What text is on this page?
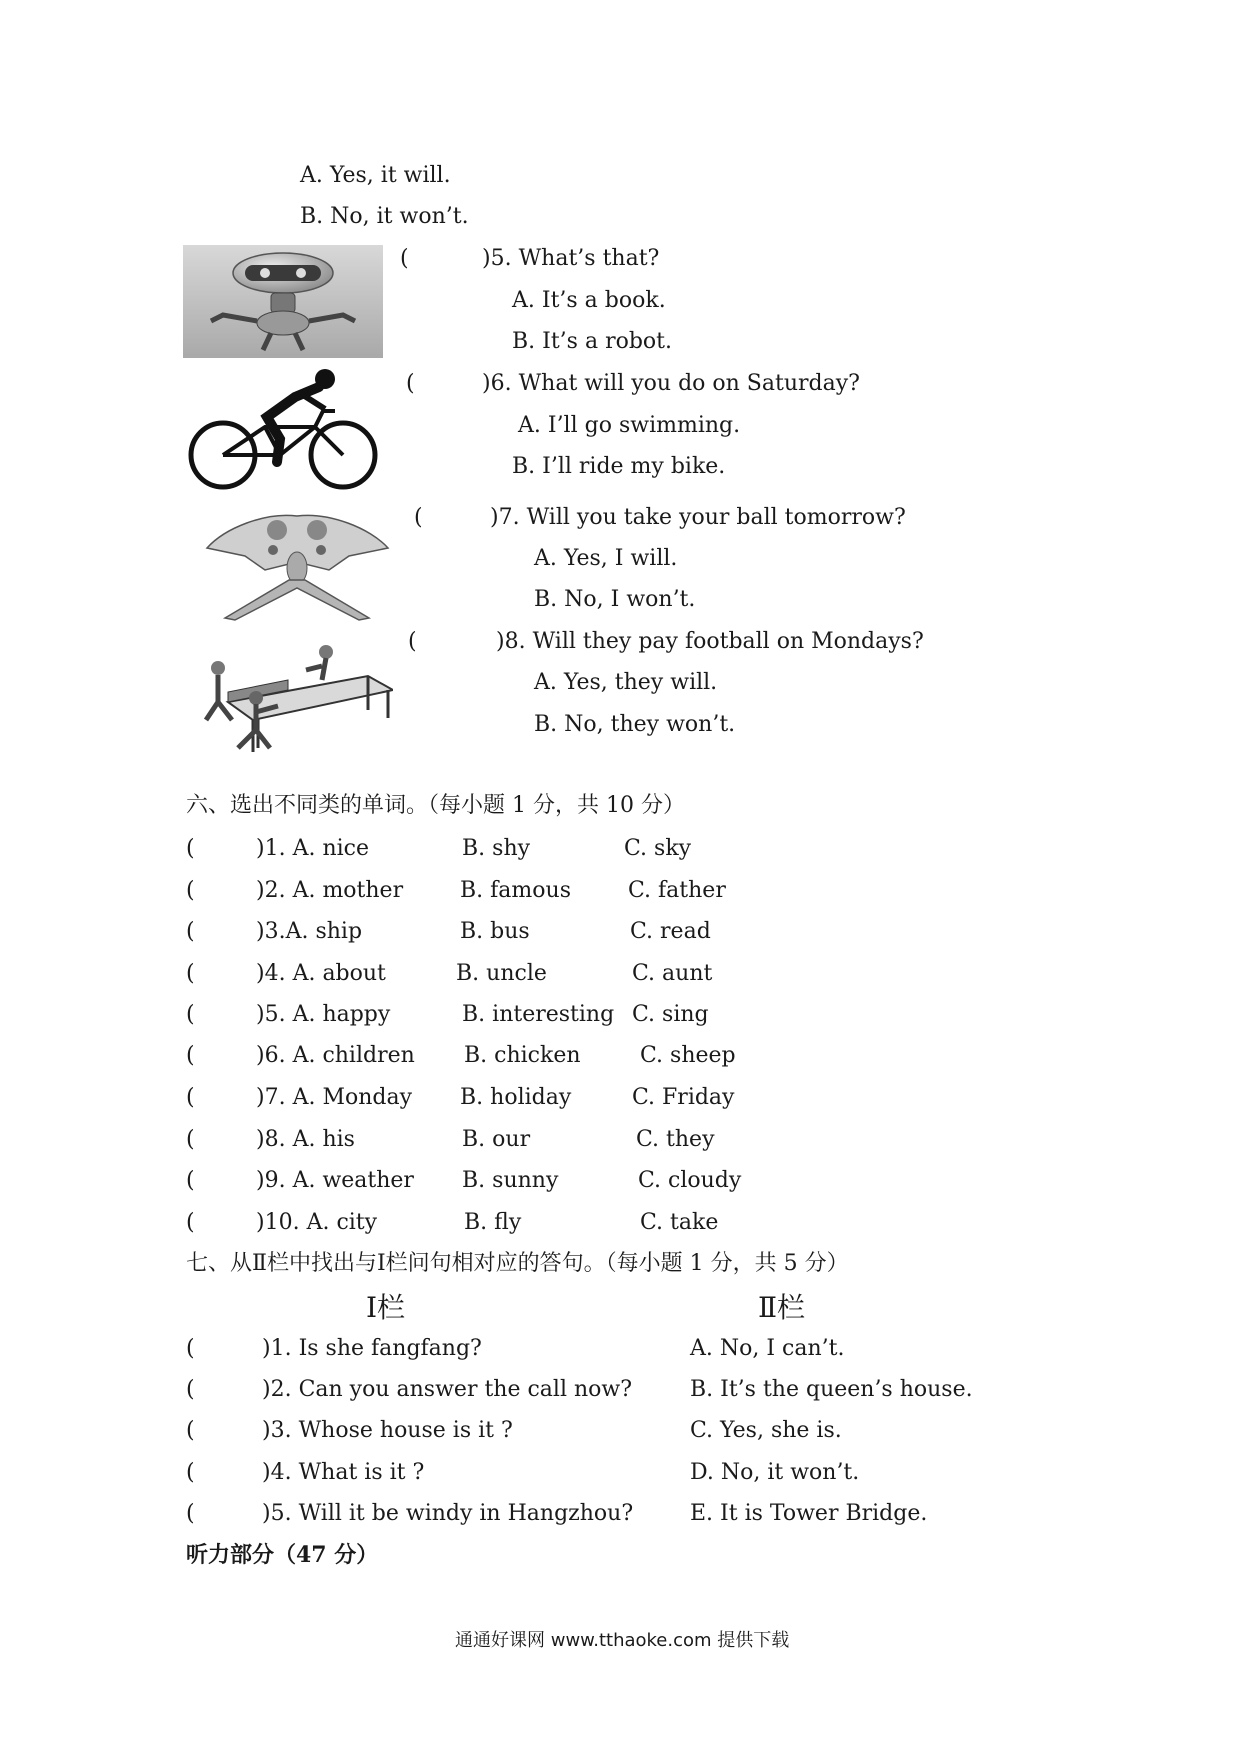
A. Yes, it will.
B. No, it won’t.
(	)5. What’s that?
A. It’s a book.
B. It’s a robot.
(	)6. What will you do on Saturday?
A. I’ll go swimming.
B. I’ll ride my bike.
(	)7. Will you take your ball tomorrow?
A. Yes, I will.
B. No, I won’t.
(	)8. Will they pay football on Mondays?
A. Yes, they will.
B. No, they won’t.
六、选出不同类的单词。（每小题 1 分，共 10 分）
(	)1. A. nice	B. shy	C. sky
(	)2. A. mother	B. famous	C. father
(	)3.A. ship	B. bus	C. read
(	)4. A. about	B. uncle	C. aunt
(	)5. A. happy	B. interesting C. sing
(	)6. A. children B. chicken	C. sheep
(	)7. A. Monday B. holiday	C. Friday
(	)8. A. his	B. our	C. they
(	)9. A. weather B. sunny	C. cloudy
(	)10. A. city	B. fly	C. take
七、从Ⅱ栏中找出与Ⅰ栏问句相对应的答句。（每小题 1 分，共 5 分）
Ⅰ栏	Ⅱ栏
(	)1. Is she fangfang?	A. No, I can’t.
(	)2. Can you answer the call now?	B. It’s the queen’s house.
(	)3. Whose house is it ?	C. Yes, she is.
(	)4. What is it ?	D. No, it won’t.
(	)5. Will it be windy in Hangzhou?	E. It is Tower Bridge.
听力部分（47 分）
通通好课网 www.tthaoke.com 提供下载
